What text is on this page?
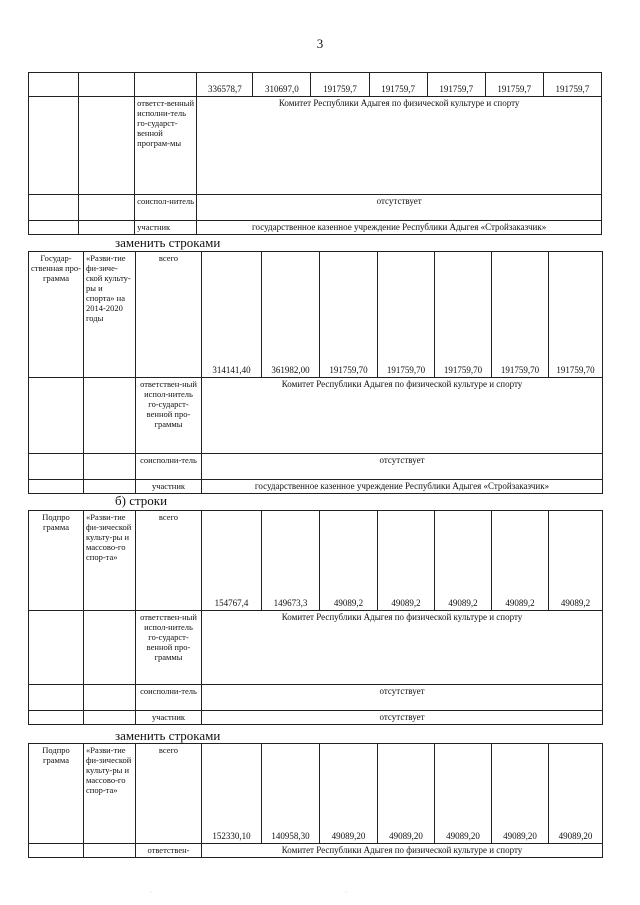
3
			336578,7	310697,0	191759,7	191759,7	191759,7	191759,7	191759,7
		ответст-венный исполни-тель го-сударст-венной програм-мы	Комитет Республики Адыгея по физической культуре и спорту						
		соиспол-нитель	отсутствует						
		участник	государственное казенное учреждение Республики Адыгея «Стройзаказчик»						
заменить строками
Государ-ственная про-грамма	«Разви-тие фи-зиче-ской культу-ры и спорта» на 2014-2020 годы	всего	314141,40	361982,00	191759,70	191759,70	191759,70	191759,70	191759,70
		ответствен-ный испол-нитель го-сударст-венной про-граммы	Комитет Республики Адыгея по физической культуре и спорту						
		соисполни-тель	отсутствует						
		участник	государственное казенное учреждение Республики Адыгея «Стройзаказчик»						
б) строки
Подпро грамма	«Разви-тие фи-зической культу-ры и массово-го спор-та»	всего	154767,4	149673,3	49089,2	49089,2	49089,2	49089,2	49089,2
		ответствен-ный испол-нитель го-сударст-венной про-граммы	Комитет Республики Адыгея по физической культуре и спорту						
		соисполни-тель	отсутствует						
		участник	отсутствует						
заменить строками
Подпро грамма	«Разви-тие фи-зической культу-ры и массово-го спор-та»	всего	152330,10	140958,30	49089,20	49089,20	49089,20	49089,20	49089,20
		ответствен-	Комитет Республики Адыгея по физической культуре и спорту						
·	·
